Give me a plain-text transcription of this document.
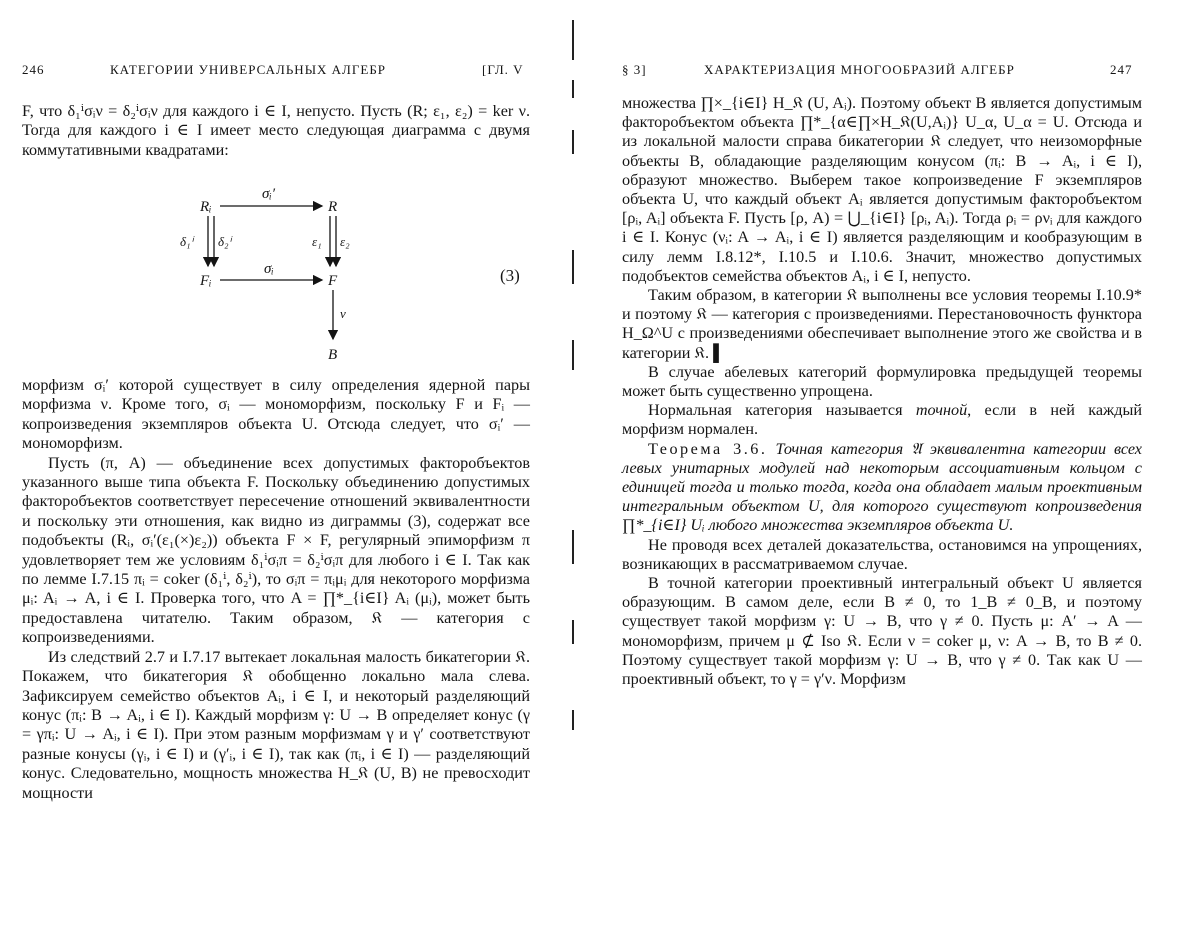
246	КАТЕГОРИИ УНИВЕРСАЛЬНЫХ АЛГЕБР	[ГЛ. V

F, что δ₁ⁱσᵢν = δ₂ⁱσᵢν для каждого i ∈ I, непусто. Пусть (R; ε₁, ε₂) = ker ν. Тогда для каждого i ∈ I имеет место следующая диаграмма с двумя коммутативными квадратами:

Rᵢ	R
Fᵢ	F
B
σᵢ′
σᵢ
δ₁ⁱ δ₂ⁱ	ε₁ ε₂
ν
(3)

морфизм σᵢ′ которой существует в силу определения ядерной пары морфизма ν. Кроме того, σᵢ — мономорфизм, поскольку F и Fᵢ — копроизведения экземпляров объекта U. Отсюда следует, что σᵢ′ — мономорфизм.

Пусть (π, A) — объединение всех допустимых факторобъектов указанного выше типа объекта F. Поскольку объединению допустимых факторобъектов соответствует пересечение отношений эквивалентности и поскольку эти отношения, как видно из диграммы (3), содержат все подобъекты (Rᵢ, σᵢ′(ε₁(×)ε₂)) объекта F × F, регулярный эпиморфизм π удовлетворяет тем же условиям δ₁ⁱσᵢπ = δ₂ⁱσᵢπ для любого i ∈ I. Так как по лемме I.7.15 πᵢ = coker (δ₁ⁱ, δ₂ⁱ), то σᵢπ = πᵢμᵢ для некоторого морфизма μᵢ: Aᵢ → A, i ∈ I. Проверка того, что A = ∏*_{i∈I} Aᵢ (μᵢ), может быть предоставлена читателю. Таким образом, 𝔎 — категория с копроизведениями.

Из следствий 2.7 и I.7.17 вытекает локальная малость бикатегории 𝔎. Покажем, что бикатегория 𝔎 обобщенно локально мала слева. Зафиксируем семейство объектов Aᵢ, i ∈ I, и некоторый разделяющий конус (πᵢ: B → Aᵢ, i ∈ I). Каждый морфизм γ: U → B определяет конус (γ = γπᵢ: U → Aᵢ, i ∈ I). При этом разным морфизмам γ и γ′ соответствуют разные конусы (γᵢ, i ∈ I) и (γ′ᵢ, i ∈ I), так как (πᵢ, i ∈ I) — разделяющий конус. Следовательно, мощность множества H_𝔎 (U, B) не превосходит мощности

§ 3]	ХАРАКТЕРИЗАЦИЯ МНОГООБРАЗИЙ АЛГЕБР	247

множества ∏×_{i∈I} H_𝔎 (U, Aᵢ). Поэтому объект B является допустимым факторобъектом объекта ∏*_{α∈∏×H_𝔎(U,Aᵢ)} U_α, U_α = U. Отсюда и из локальной малости справа бикатегории 𝔎 следует, что неизоморфные объекты B, обладающие разделяющим конусом (πᵢ: B → Aᵢ, i ∈ I), образуют множество. Выберем такое копроизведение F экземпляров объекта U, что каждый объект Aᵢ является допустимым факторобъектом [ρᵢ, Aᵢ] объекта F. Пусть [ρ, A) = ⋃_{i∈I} [ρᵢ, Aᵢ). Тогда ρᵢ = ρνᵢ для каждого i ∈ I. Конус (νᵢ: A → Aᵢ, i ∈ I) является разделяющим и кообразующим в силу лемм I.8.12*, I.10.5 и I.10.6. Значит, множество допустимых подобъектов семейства объектов Aᵢ, i ∈ I, непусто.

Таким образом, в категории 𝔎 выполнены все условия теоремы I.10.9* и поэтому 𝔎 — категория с произведениями. Перестановочность функтора H_Ω^U с произведениями обеспечивает выполнение этого же свойства и в категории 𝔎. ▌

В случае абелевых категорий формулировка предыдущей теоремы может быть существенно упрощена.

Нормальная категория называется точной, если в ней каждый морфизм нормален.

Теорема 3.6. Точная категория 𝔄 эквивалентна категории всех левых унитарных модулей над некоторым ассоциативным кольцом с единицей тогда и только тогда, когда она обладает малым проективным интегральным объектом U, для которого существуют копроизведения ∏*_{i∈I} Uᵢ любого множества экземпляров объекта U.

Не проводя всех деталей доказательства, остановимся на упрощениях, возникающих в рассматриваемом случае.

В точной категории проективный интегральный объект U является образующим. В самом деле, если B ≠ 0, то 1_B ≠ 0_B, и поэтому существует такой морфизм γ: U → B, что γ ≠ 0. Пусть μ: A′ → A — мономорфизм, причем μ ⊄ Iso 𝔎. Если ν = coker μ, ν: A → B, то B ≠ 0. Поэтому существует такой морфизм γ: U → B, что γ ≠ 0. Так как U — проективный объект, то γ = γ′ν. Морфизм
